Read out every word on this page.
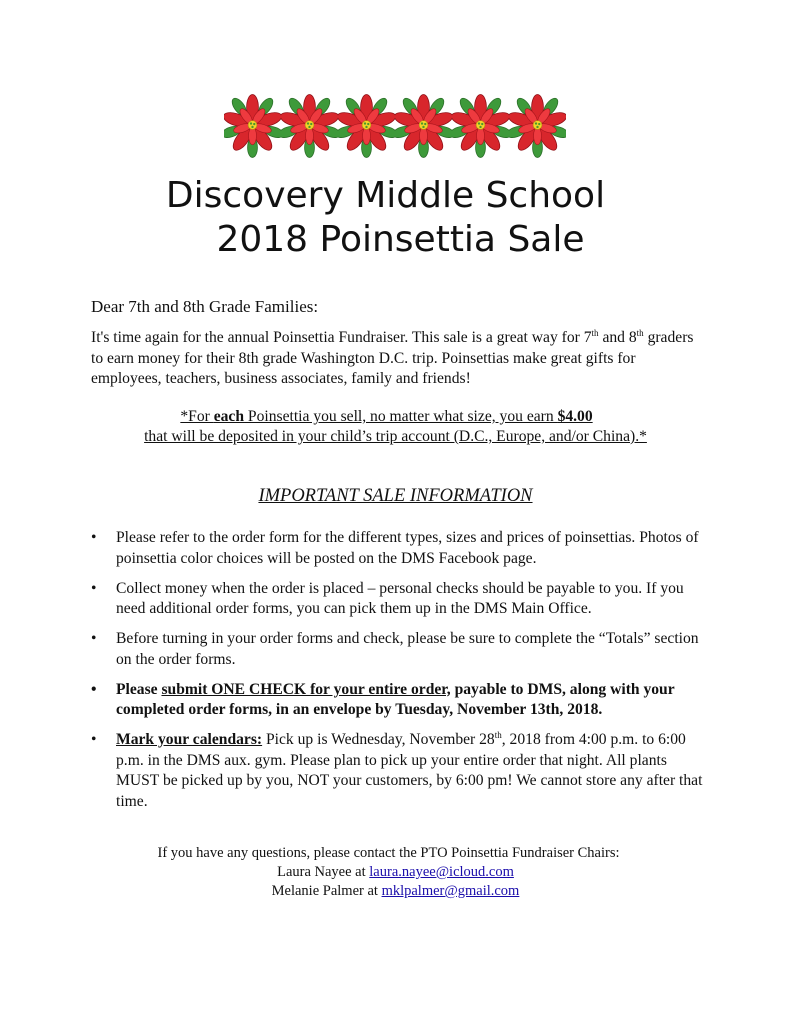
Discovery Middle School
2018 Poinsettia Sale
Dear 7th and 8th Grade Families:
It's time again for the annual Poinsettia Fundraiser. This sale is a great way for 7th and 8th graders to earn money for their 8th grade Washington D.C. trip. Poinsettias make great gifts for employees, teachers, business associates, family and friends!
*For each Poinsettia you sell, no matter what size, you earn $4.00
that will be deposited in your child’s trip account (D.C., Europe, and/or China).*
IMPORTANT SALE INFORMATION
• Please refer to the order form for the different types, sizes and prices of poinsettias. Photos of poinsettia color choices will be posted on the DMS Facebook page.
• Collect money when the order is placed – personal checks should be payable to you. If you need additional order forms, you can pick them up in the DMS Main Office.
• Before turning in your order forms and check, please be sure to complete the “Totals” section on the order forms.
• Please submit ONE CHECK for your entire order, payable to DMS, along with your completed order forms, in an envelope by Tuesday, November 13th, 2018.
• Mark your calendars: Pick up is Wednesday, November 28th, 2018 from 4:00 p.m. to 6:00 p.m. in the DMS aux. gym. Please plan to pick up your entire order that night. All plants MUST be picked up by you, NOT your customers, by 6:00 pm! We cannot store any after that time.
If you have any questions, please contact the PTO Poinsettia Fundraiser Chairs:
Laura Nayee at laura.nayee@icloud.com
Melanie Palmer at mklpalmer@gmail.com
